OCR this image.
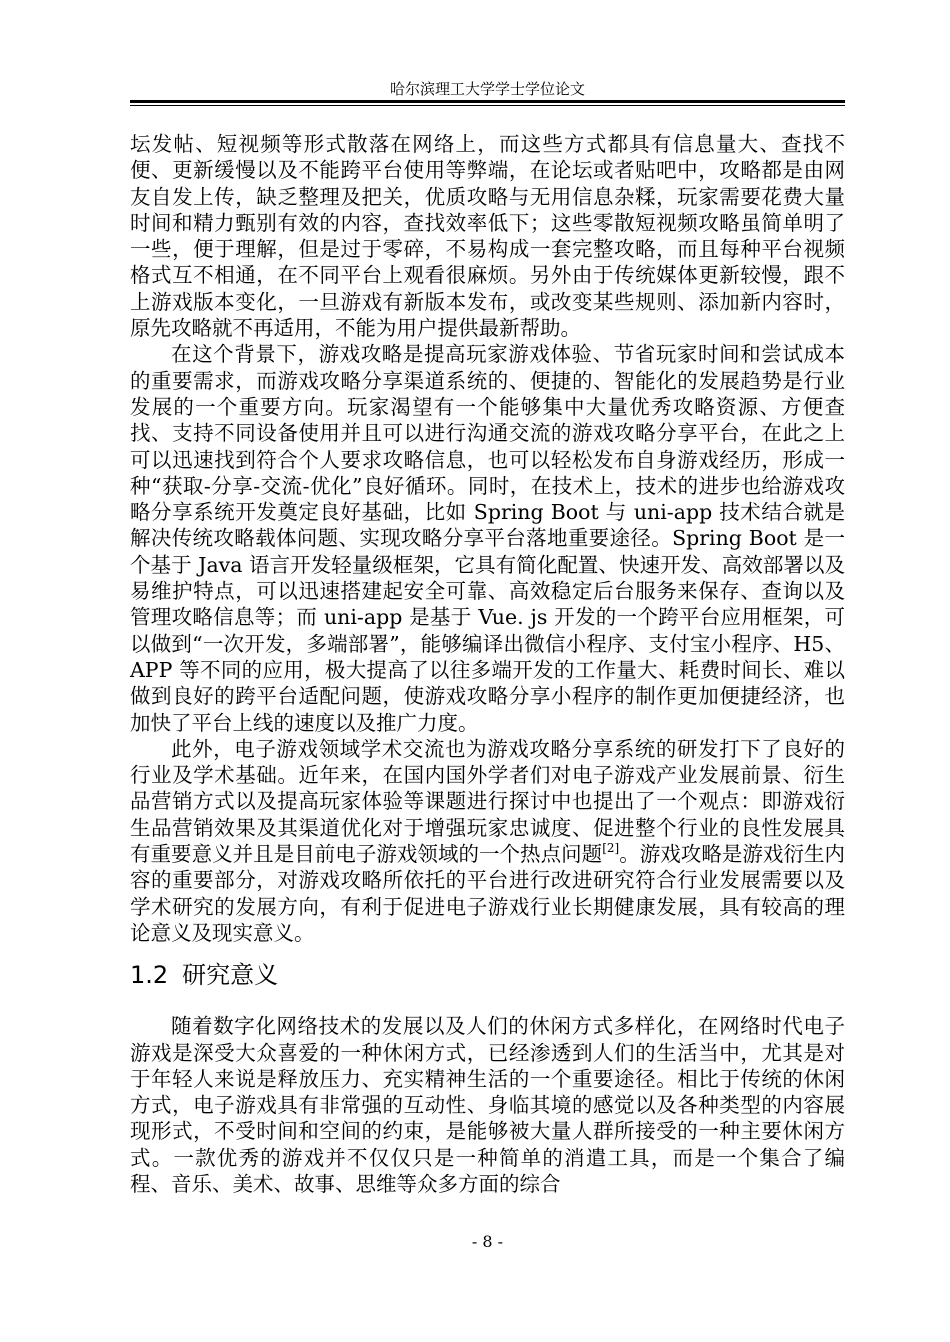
哈尔滨理工大学学士学位论文

坛发帖、短视频等形式散落在网络上，而这些方式都具有信息量大、查找不便、更新缓慢以及不能跨平台使用等弊端，在论坛或者贴吧中，攻略都是由网友自发上传，缺乏整理及把关，优质攻略与无用信息杂糅，玩家需要花费大量时间和精力甄别有效的内容，查找效率低下；这些零散短视频攻略虽简单明了一些，便于理解，但是过于零碎，不易构成一套完整攻略，而且每种平台视频格式互不相通，在不同平台上观看很麻烦。另外由于传统媒体更新较慢，跟不上游戏版本变化，一旦游戏有新版本发布，或改变某些规则、添加新内容时，原先攻略就不再适用，不能为用户提供最新帮助。

在这个背景下，游戏攻略是提高玩家游戏体验、节省玩家时间和尝试成本的重要需求，而游戏攻略分享渠道系统的、便捷的、智能化的发展趋势是行业发展的一个重要方向。玩家渴望有一个能够集中大量优秀攻略资源、方便查找、支持不同设备使用并且可以进行沟通交流的游戏攻略分享平台，在此之上可以迅速找到符合个人要求攻略信息，也可以轻松发布自身游戏经历，形成一种“获取-分享-交流-优化”良好循环。同时，在技术上，技术的进步也给游戏攻略分享系统开发奠定良好基础，比如 Spring Boot 与 uni-app 技术结合就是解决传统攻略载体问题、实现攻略分享平台落地重要途径。Spring Boot 是一个基于 Java 语言开发轻量级框架，它具有简化配置、快速开发、高效部署以及易维护特点，可以迅速搭建起安全可靠、高效稳定后台服务来保存、查询以及管理攻略信息等；而 uni-app 是基于 Vue. js 开发的一个跨平台应用框架，可以做到“一次开发，多端部署”，能够编译出微信小程序、支付宝小程序、H5、APP 等不同的应用，极大提高了以往多端开发的工作量大、耗费时间长、难以做到良好的跨平台适配问题，使游戏攻略分享小程序的制作更加便捷经济，也加快了平台上线的速度以及推广力度。

此外，电子游戏领域学术交流也为游戏攻略分享系统的研发打下了良好的行业及学术基础。近年来，在国内国外学者们对电子游戏产业发展前景、衍生品营销方式以及提高玩家体验等课题进行探讨中也提出了一个观点：即游戏衍生品营销效果及其渠道优化对于增强玩家忠诚度、促进整个行业的良性发展具有重要意义并且是目前电子游戏领域的一个热点问题[2]。游戏攻略是游戏衍生内容的重要部分，对游戏攻略所依托的平台进行改进研究符合行业发展需要以及学术研究的发展方向，有利于促进电子游戏行业长期健康发展，具有较高的理论意义及现实意义。

1.2 研究意义

随着数字化网络技术的发展以及人们的休闲方式多样化，在网络时代电子游戏是深受大众喜爱的一种休闲方式，已经渗透到人们的生活当中，尤其是对于年轻人来说是释放压力、充实精神生活的一个重要途径。相比于传统的休闲方式，电子游戏具有非常强的互动性、身临其境的感觉以及各种类型的内容展现形式，不受时间和空间的约束，是能够被大量人群所接受的一种主要休闲方式。一款优秀的游戏并不仅仅只是一种简单的消遣工具，而是一个集合了编程、音乐、美术、故事、思维等众多方面的综合

- 8 -
